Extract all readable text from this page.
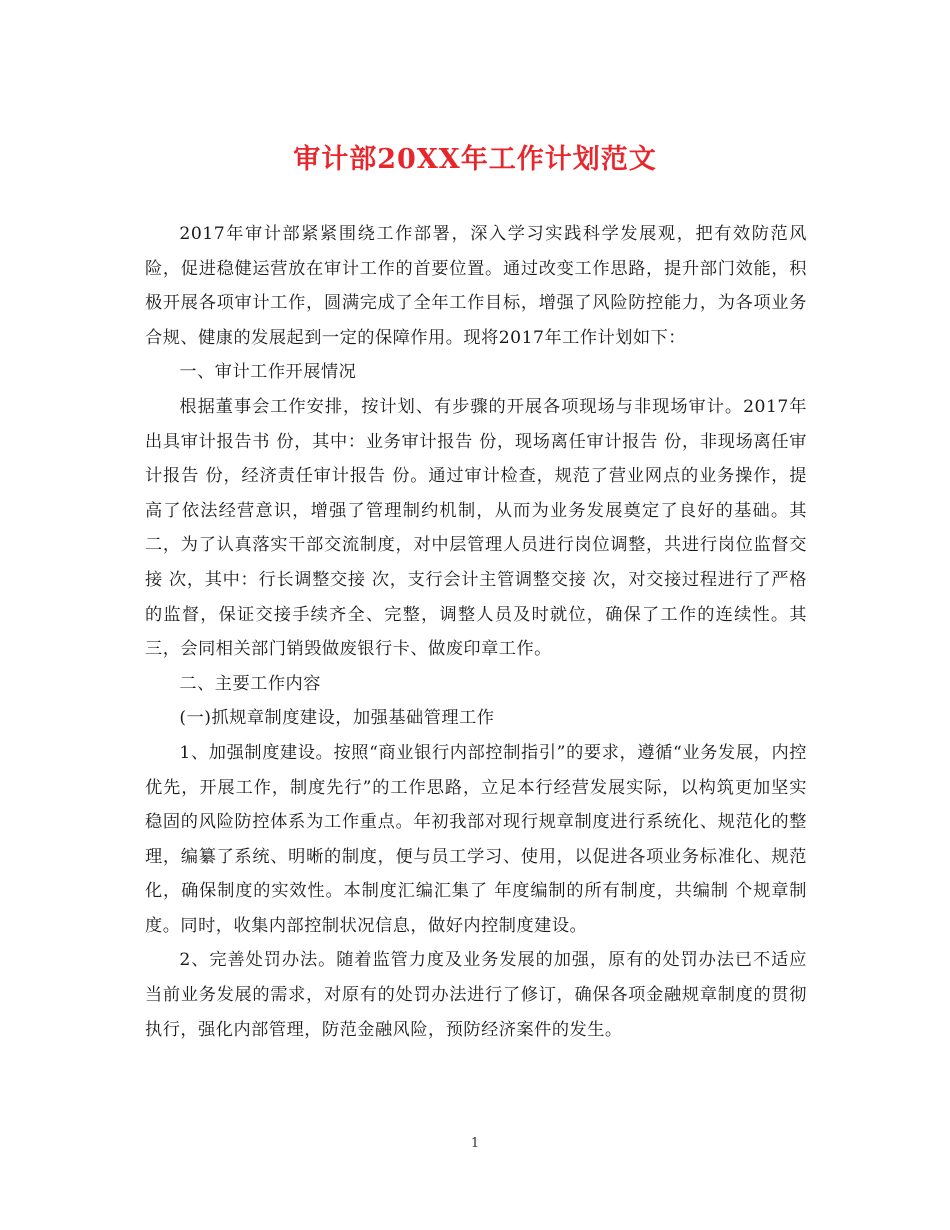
审计部20XX年工作计划范文

2017年审计部紧紧围绕工作部署，深入学习实践科学发展观，把有效防范风险，促进稳健运营放在审计工作的首要位置。通过改变工作思路，提升部门效能，积极开展各项审计工作，圆满完成了全年工作目标，增强了风险防控能力，为各项业务合规、健康的发展起到一定的保障作用。现将2017年工作计划如下：

一、审计工作开展情况

根据董事会工作安排，按计划、有步骤的开展各项现场与非现场审计。2017年出具审计报告书 份，其中：业务审计报告 份，现场离任审计报告 份，非现场离任审计报告 份，经济责任审计报告 份。通过审计检查，规范了营业网点的业务操作，提高了依法经营意识，增强了管理制约机制，从而为业务发展奠定了良好的基础。其二，为了认真落实干部交流制度，对中层管理人员进行岗位调整，共进行岗位监督交接 次，其中：行长调整交接 次，支行会计主管调整交接 次，对交接过程进行了严格的监督，保证交接手续齐全、完整，调整人员及时就位，确保了工作的连续性。其三，会同相关部门销毁做废银行卡、做废印章工作。

二、主要工作内容

(一)抓规章制度建设，加强基础管理工作

1、加强制度建设。按照“商业银行内部控制指引”的要求，遵循“业务发展，内控优先，开展工作，制度先行”的工作思路，立足本行经营发展实际，以构筑更加坚实稳固的风险防控体系为工作重点。年初我部对现行规章制度进行系统化、规范化的整理，编纂了系统、明晰的制度，便与员工学习、使用，以促进各项业务标准化、规范化，确保制度的实效性。本制度汇编汇集了 年度编制的所有制度，共编制 个规章制度。同时，收集内部控制状况信息，做好内控制度建设。

2、完善处罚办法。随着监管力度及业务发展的加强，原有的处罚办法已不适应当前业务发展的需求，对原有的处罚办法进行了修订，确保各项金融规章制度的贯彻执行，强化内部管理，防范金融风险，预防经济案件的发生。

1
